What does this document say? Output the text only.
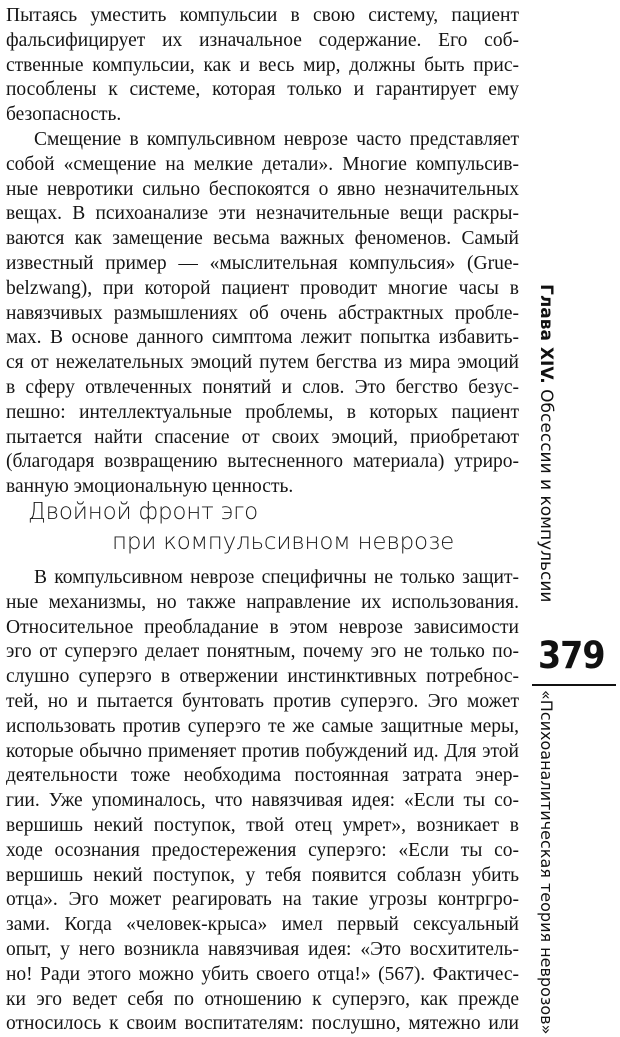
Пытаясь уместить компульсии в свою систему, пациент
фальсифицирует их изначальное содержание. Его соб-
ственные компульсии, как и весь мир, должны быть прис-
пособлены к системе, которая только и гарантирует ему
безопасность.
Смещение в компульсивном неврозе часто представляет
собой «смещение на мелкие детали». Многие компульсив-
ные невротики сильно беспокоятся о явно незначительных
вещах. В психоанализе эти незначительные вещи раскры-
ваются как замещение весьма важных феноменов. Самый
известный пример — «мыслительная компульсия» (Grue-
belzwang), при которой пациент проводит многие часы в
навязчивых размышлениях об очень абстрактных пробле-
мах. В основе данного симптома лежит попытка избавить-
ся от нежелательных эмоций путем бегства из мира эмоций
в сферу отвлеченных понятий и слов. Это бегство безус-
пешно: интеллектуальные проблемы, в которых пациент
пытается найти спасение от своих эмоций, приобретают
(благодаря возвращению вытесненного материала) утриро-
ванную эмоциональную ценность.
Двойной фронт эго
при компульсивном неврозе
В компульсивном неврозе специфичны не только защит-
ные механизмы, но также направление их использования.
Относительное преобладание в этом неврозе зависимости
эго от суперэго делает понятным, почему эго не только по-
слушно суперэго в отвержении инстинктивных потребнос-
тей, но и пытается бунтовать против суперэго. Эго может
использовать против суперэго те же самые защитные меры,
которые обычно применяет против побуждений ид. Для этой
деятельности тоже необходима постоянная затрата энер-
гии. Уже упоминалось, что навязчивая идея: «Если ты со-
вершишь некий поступок, твой отец умрет», возникает в
ходе осознания предостережения суперэго: «Если ты со-
вершишь некий поступок, у тебя появится соблазн убить
отца». Эго может реагировать на такие угрозы контргро-
зами. Когда «человек-крыса» имел первый сексуальный
опыт, у него возникла навязчивая идея: «Это восхититель-
но! Ради этого можно убить своего отца!» (567). Фактичес-
ки эго ведет себя по отношению к суперэго, как прежде
относилось к своим воспитателям: послушно, мятежно или
Глава XIV. Обсессии и компульсии
379
«Психоаналитическая теория неврозов»
